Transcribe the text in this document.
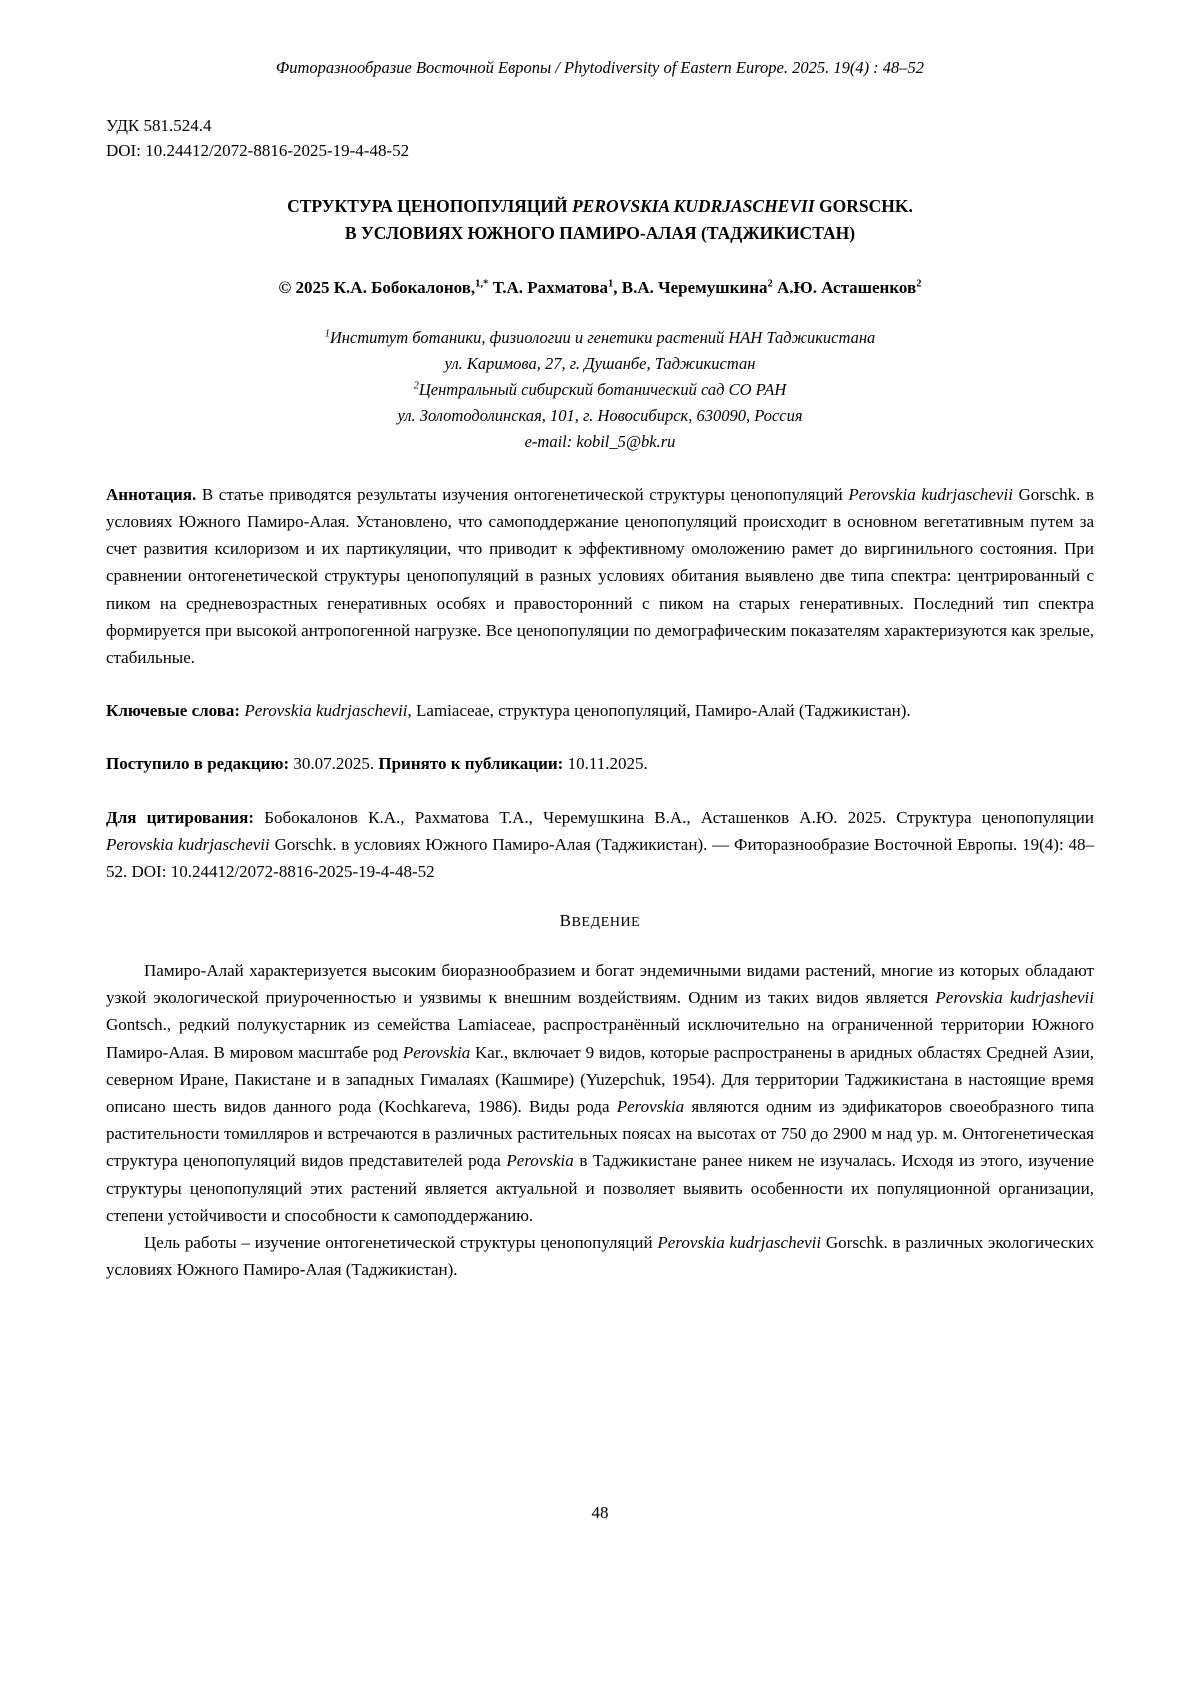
Фиторазнообразие Восточной Европы / Phytodiversity of Eastern Europe. 2025. 19(4) : 48–52
УДК 581.524.4
DOI: 10.24412/2072-8816-2025-19-4-48-52
СТРУКТУРА ЦЕНОПОПУЛЯЦИЙ PEROVSKIA KUDRJASCHEVII GORSCHK.
В УСЛОВИЯХ ЮЖНОГО ПАМИРО-АЛАЯ (ТАДЖИКИСТАН)
© 2025 К.А. Бобокалонов,$^{1,*}$ Т.А. Рахматова$^1$, В.А. Черемушкина$^2$ А.Ю. Асташенков$^2$
$^1$Институт ботаники, физиологии и генетики растений НАН Таджикистана
ул. Каримова, 27, г. Душанбе, Таджикистан
$^2$Центральный сибирский ботанический сад СО РАН
ул. Золотодолинская, 101, г. Новосибирск, 630090, Россия
e-mail: kobil_5@bk.ru

Аннотация. В статье приводятся результаты изучения онтогенетической структуры ценопопуляций Perovskia kudrjaschevii Gorschk. в условиях Южного Памиро-Алая. Установлено, что самоподдержание ценопопуляций происходит в основном вегетативным путем за счет развития ксилоризом и их партикуляции, что приводит к эффективному омоложению рамет до виргинильного состояния. При сравнении онтогенетической структуры ценопопуляций в разных условиях обитания выявлено две типа спектра: центрированный с пиком на средневозрастных генеративных особях и правосторонний с пиком на старых генеративных. Последний тип спектра формируется при высокой антропогенной нагрузке. Все ценопопуляции по демографическим показателям характеризуются как зрелые, стабильные.

Ключевые слова: Perovskia kudrjaschevii, Lamiaceae, структура ценопопуляций, Памиро-Алай (Таджикистан).

Поступило в редакцию: 30.07.2025. Принято к публикации: 10.11.2025.

Для цитирования: Бобокалонов К.А., Рахматова Т.А., Черемушкина В.А., Асташенков А.Ю. 2025. Структура ценопопуляции Perovskia kudrjaschevii Gorschk. в условиях Южного Памиро-Алая (Таджикистан). — Фиторазнообразие Восточной Европы. 19(4): 48–52. DOI: 10.24412/2072-8816-2025-19-4-48-52

ВВЕДЕНИЕ

Памиро-Алай характеризуется высоким биоразнообразием и богат эндемичными видами растений, многие из которых обладают узкой экологической приуроченностью и уязвимы к внешним воздействиям. Одним из таких видов является Perovskia kudrjashevii Gontsch., редкий полукустарник из семейства Lamiaceae, распространённый исключительно на ограниченной территории Южного Памиро-Алая. В мировом масштабе род Perovskia Kar., включает 9 видов, которые распространены в аридных областях Средней Азии, северном Иране, Пакистане и в западных Гималаях (Кашмире) (Yuzepchuk, 1954). Для территории Таджикистана в настоящие время описано шесть видов данного рода (Kochkareva, 1986). Виды рода Perovskia являются одним из эдификаторов своеобразного типа растительности томилляров и встречаются в различных растительных поясах на высотах от 750 до 2900 м над ур. м. Онтогенетическая структура ценопопуляций видов представителей рода Perovskia в Таджикистане ранее никем не изучалась. Исходя из этого, изучение структуры ценопопуляций этих растений является актуальной и позволяет выявить особенности их популяционной организации, степени устойчивости и способности к самоподдержанию.

Цель работы – изучение онтогенетической структуры ценопопуляций Perovskia kudrjaschevii Gorschk. в различных экологических условиях Южного Памиро-Алая (Таджикистан).

48
